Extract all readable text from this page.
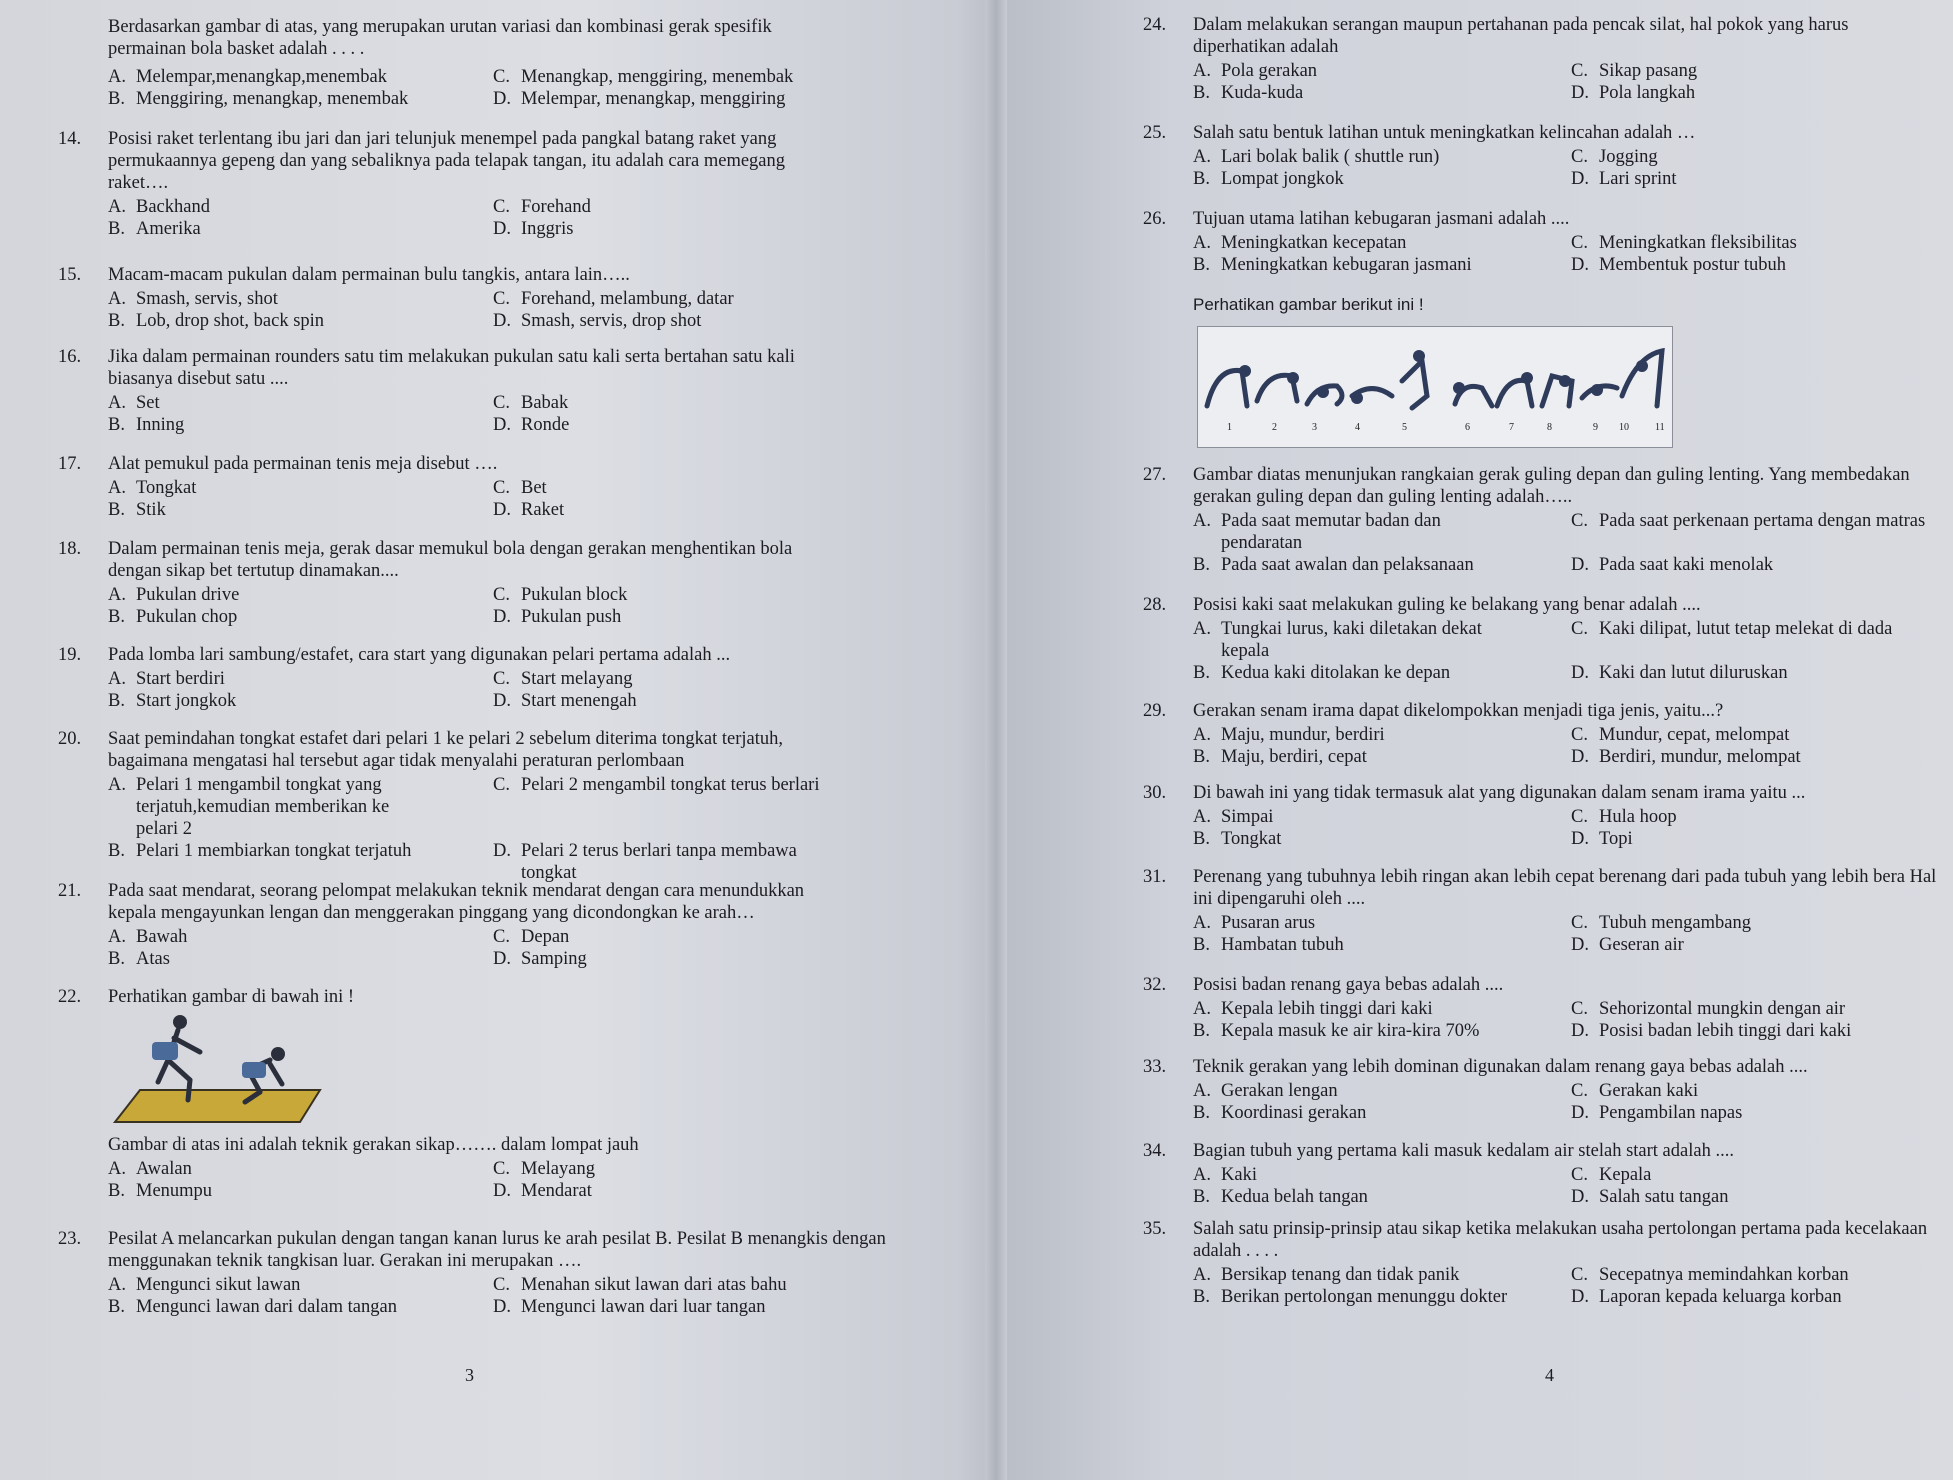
Berdasarkan gambar di atas, yang merupakan urutan variasi dan kombinasi gerak spesifik permainan bola basket adalah . . . .
A. Melempar,menangkap,menembak	C. Menangkap, menggiring, menembak
B. Menggiring, menangkap, menembak	D. Melempar, menangkap, menggiring
14. Posisi raket terlentang ibu jari dan jari telunjuk menempel pada pangkal batang raket yang permukaannya gepeng dan yang sebaliknya pada telapak tangan, itu adalah cara memegang raket….
A. Backhand	C. Forehand
B. Amerika	D. Inggris
15. Macam-macam pukulan dalam permainan bulu tangkis, antara lain…..
A. Smash, servis, shot	C. Forehand, melambung, datar
B. Lob, drop shot, back spin	D. Smash, servis, drop shot
16. Jika dalam permainan rounders satu tim melakukan pukulan satu kali serta bertahan satu kali biasanya disebut satu ....
A. Set	C. Babak
B. Inning	D. Ronde
17. Alat pemukul pada permainan tenis meja disebut ….
A. Tongkat	C. Bet
B. Stik	D. Raket
18. Dalam permainan tenis meja, gerak dasar memukul bola dengan gerakan menghentikan bola dengan sikap bet tertutup dinamakan....
A. Pukulan drive	C. Pukulan block
B. Pukulan chop	D. Pukulan push
19. Pada lomba lari sambung/estafet, cara start yang digunakan pelari pertama adalah ...
A. Start berdiri	C. Start melayang
B. Start jongkok	D. Start menengah
20. Saat pemindahan tongkat estafet dari pelari 1 ke pelari 2 sebelum diterima tongkat terjatuh, bagaimana mengatasi hal tersebut agar tidak menyalahi peraturan perlombaan
A. Pelari 1 mengambil tongkat yang terjatuh,kemudian memberikan ke pelari 2
C. Pelari 2 mengambil tongkat terus berlari
B. Pelari 1 membiarkan tongkat terjatuh	D. Pelari 2 terus berlari tanpa membawa tongkat
21. Pada saat mendarat, seorang pelompat melakukan teknik mendarat dengan cara menundukkan kepala mengayunkan lengan dan menggerakan pinggang yang dicondongkan ke arah…
A. Bawah	C. Depan
B. Atas	D. Samping
22. Perhatikan gambar di bawah ini !
Gambar di atas ini adalah teknik gerakan sikap……. dalam lompat jauh
A. Awalan	C. Melayang
B. Menumpu	D. Mendarat
23. Pesilat A melancarkan pukulan dengan tangan kanan lurus ke arah pesilat B. Pesilat B menangkis dengan menggunakan teknik tangkisan luar. Gerakan ini merupakan ….
A. Mengunci sikut lawan	C. Menahan sikut lawan dari atas bahu
B. Mengunci lawan dari dalam tangan	D. Mengunci lawan dari luar tangan
3
24. Dalam melakukan serangan maupun pertahanan pada pencak silat, hal pokok yang harus diperhatikan adalah
A. Pola gerakan	C. Sikap pasang
B. Kuda-kuda	D. Pola langkah
25. Salah satu bentuk latihan untuk meningkatkan kelincahan adalah …
A. Lari bolak balik ( shuttle run)	C. Jogging
B. Lompat jongkok	D. Lari sprint
26. Tujuan utama latihan kebugaran jasmani adalah ....
A. Meningkatkan kecepatan	C. Meningkatkan fleksibilitas
B. Meningkatkan kebugaran jasmani	D. Membentuk postur tubuh
Perhatikan gambar berikut ini !
1	2	3	4	5	6	7	8	9 10	11
27. Gambar diatas menunjukan rangkaian gerak guling depan dan guling lenting. Yang membedakan gerakan guling depan dan guling lenting adalah…..
A. Pada saat memutar badan dan pendaratan
C. Pada saat perkenaan pertama dengan matras
B. Pada saat awalan dan pelaksanaan	D. Pada saat kaki menolak
28. Posisi kaki saat melakukan guling ke belakang yang benar adalah ....
A. Tungkai lurus, kaki diletakan dekat kepala
C. Kaki dilipat, lutut tetap melekat di dada
B. Kedua kaki ditolakan ke depan	D. Kaki dan lutut diluruskan
29. Gerakan senam irama dapat dikelompokkan menjadi tiga jenis, yaitu...?
A. Maju, mundur, berdiri	C. Mundur, cepat, melompat
B. Maju, berdiri, cepat	D. Berdiri, mundur, melompat
30. Di bawah ini yang tidak termasuk alat yang digunakan dalam senam irama yaitu ...
A. Simpai	C. Hula hoop
B. Tongkat	D. Topi
31. Perenang yang tubuhnya lebih ringan akan lebih cepat berenang dari pada tubuh yang lebih bera Hal ini dipengaruhi oleh ....
A. Pusaran arus	C. Tubuh mengambang
B. Hambatan tubuh	D. Geseran air
32. Posisi badan renang gaya bebas adalah ....
A. Kepala lebih tinggi dari kaki	C. Sehorizontal mungkin dengan air
B. Kepala masuk ke air kira-kira 70%	D. Posisi badan lebih tinggi dari kaki
33. Teknik gerakan yang lebih dominan digunakan dalam renang gaya bebas adalah ....
A. Gerakan lengan	C. Gerakan kaki
B. Koordinasi gerakan	D. Pengambilan napas
34. Bagian tubuh yang pertama kali masuk kedalam air stelah start adalah ....
A. Kaki	C. Kepala
B. Kedua belah tangan	D. Salah satu tangan
35. Salah satu prinsip-prinsip atau sikap ketika melakukan usaha pertolongan pertama pada kecelakaan adalah . . . .
A. Bersikap tenang dan tidak panik	C. Secepatnya memindahkan korban
B. Berikan pertolongan menunggu dokter	D. Laporan kepada keluarga korban
4
